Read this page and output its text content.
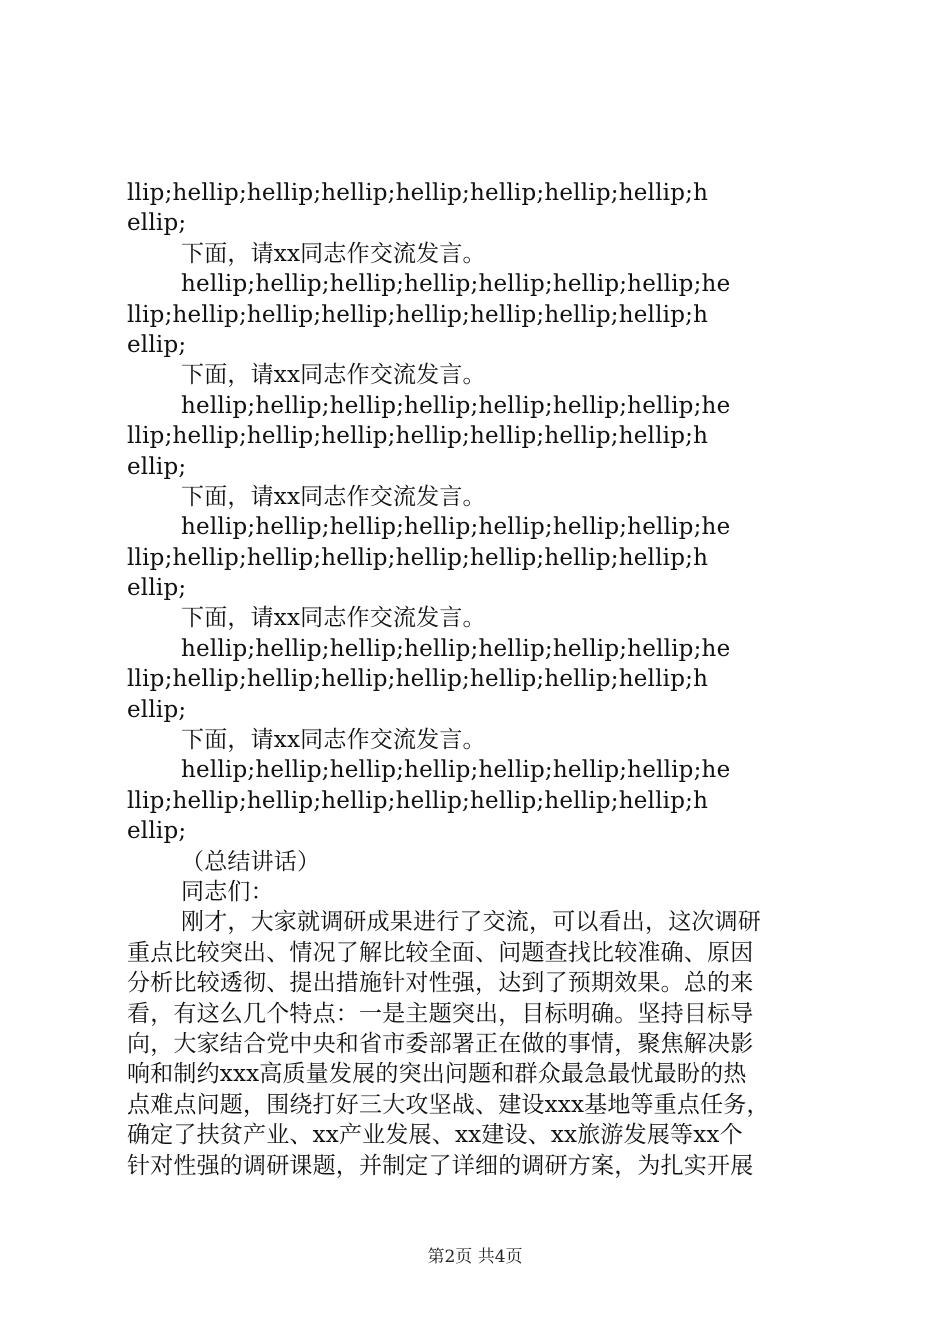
llip;hellip;hellip;hellip;hellip;hellip;hellip;hellip;h
ellip;
下面，请xx同志作交流发言。
hellip;hellip;hellip;hellip;hellip;hellip;hellip;he
llip;hellip;hellip;hellip;hellip;hellip;hellip;hellip;h
ellip;
下面，请xx同志作交流发言。
hellip;hellip;hellip;hellip;hellip;hellip;hellip;he
llip;hellip;hellip;hellip;hellip;hellip;hellip;hellip;h
ellip;
下面，请xx同志作交流发言。
hellip;hellip;hellip;hellip;hellip;hellip;hellip;he
llip;hellip;hellip;hellip;hellip;hellip;hellip;hellip;h
ellip;
下面，请xx同志作交流发言。
hellip;hellip;hellip;hellip;hellip;hellip;hellip;he
llip;hellip;hellip;hellip;hellip;hellip;hellip;hellip;h
ellip;
下面，请xx同志作交流发言。
hellip;hellip;hellip;hellip;hellip;hellip;hellip;he
llip;hellip;hellip;hellip;hellip;hellip;hellip;hellip;h
ellip;
（总结讲话）
同志们：
刚才，大家就调研成果进行了交流，可以看出，这次调研
重点比较突出、情况了解比较全面、问题查找比较准确、原因
分析比较透彻、提出措施针对性强，达到了预期效果。总的来
看，有这么几个特点：一是主题突出，目标明确。坚持目标导
向，大家结合党中央和省市委部署正在做的事情，聚焦解决影
响和制约xxx高质量发展的突出问题和群众最急最忧最盼的热
点难点问题，围绕打好三大攻坚战、建设xxx基地等重点任务，
确定了扶贫产业、xx产业发展、xx建设、xx旅游发展等xx个
针对性强的调研课题，并制定了详细的调研方案，为扎实开展
第2页 共4页
